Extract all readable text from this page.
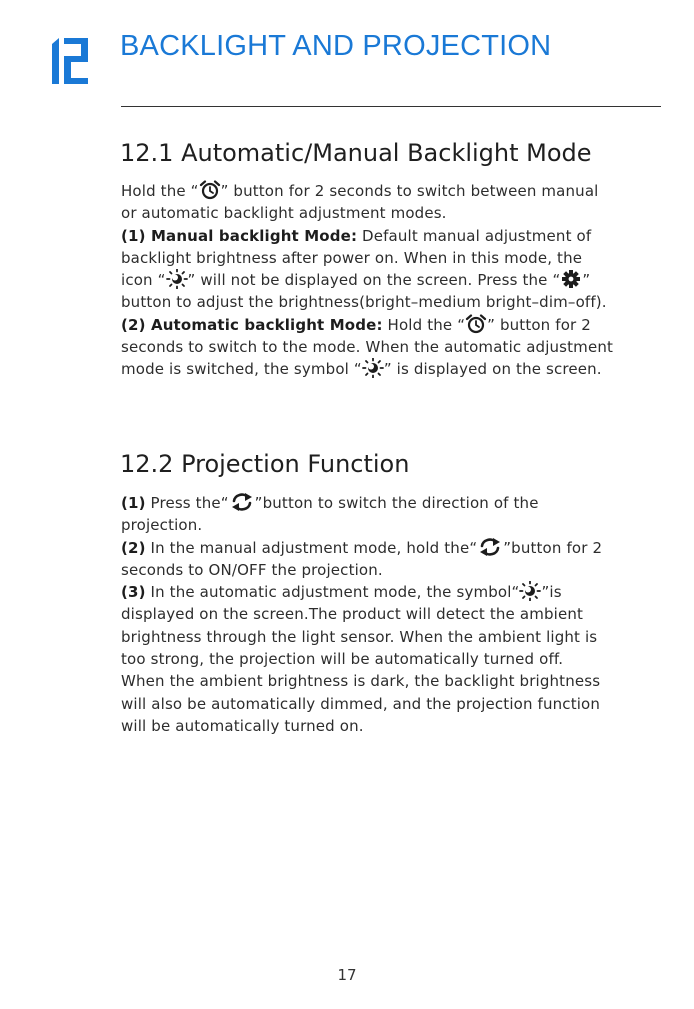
BACKLIGHT AND PROJECTION
12.1 Automatic/Manual Backlight Mode
Hold the “ ” button for 2 seconds to switch between manual
or automatic backlight adjustment modes.
(1) Manual backlight Mode: Default manual adjustment of
backlight brightness after power on. When in this mode, the
icon “ ” will not be displayed on the screen. Press the “ ”
button to adjust the brightness(bright–medium bright–dim–off).
(2) Automatic backlight Mode: Hold the “ ” button for 2
seconds to switch to the mode. When the automatic adjustment
mode is switched, the symbol “ ” is displayed on the screen.
12.2 Projection Function
(1) Press the“ ”button to switch the direction of the
projection.
(2) In the manual adjustment mode, hold the“ ”button for 2
seconds to ON/OFF the projection.
(3) In the automatic adjustment mode, the symbol“ ”is
displayed on the screen.The product will detect the ambient
brightness through the light sensor. When the ambient light is
too strong, the projection will be automatically turned off.
When the ambient brightness is dark, the backlight brightness
will also be automatically dimmed, and the projection function
will be automatically turned on.
17
